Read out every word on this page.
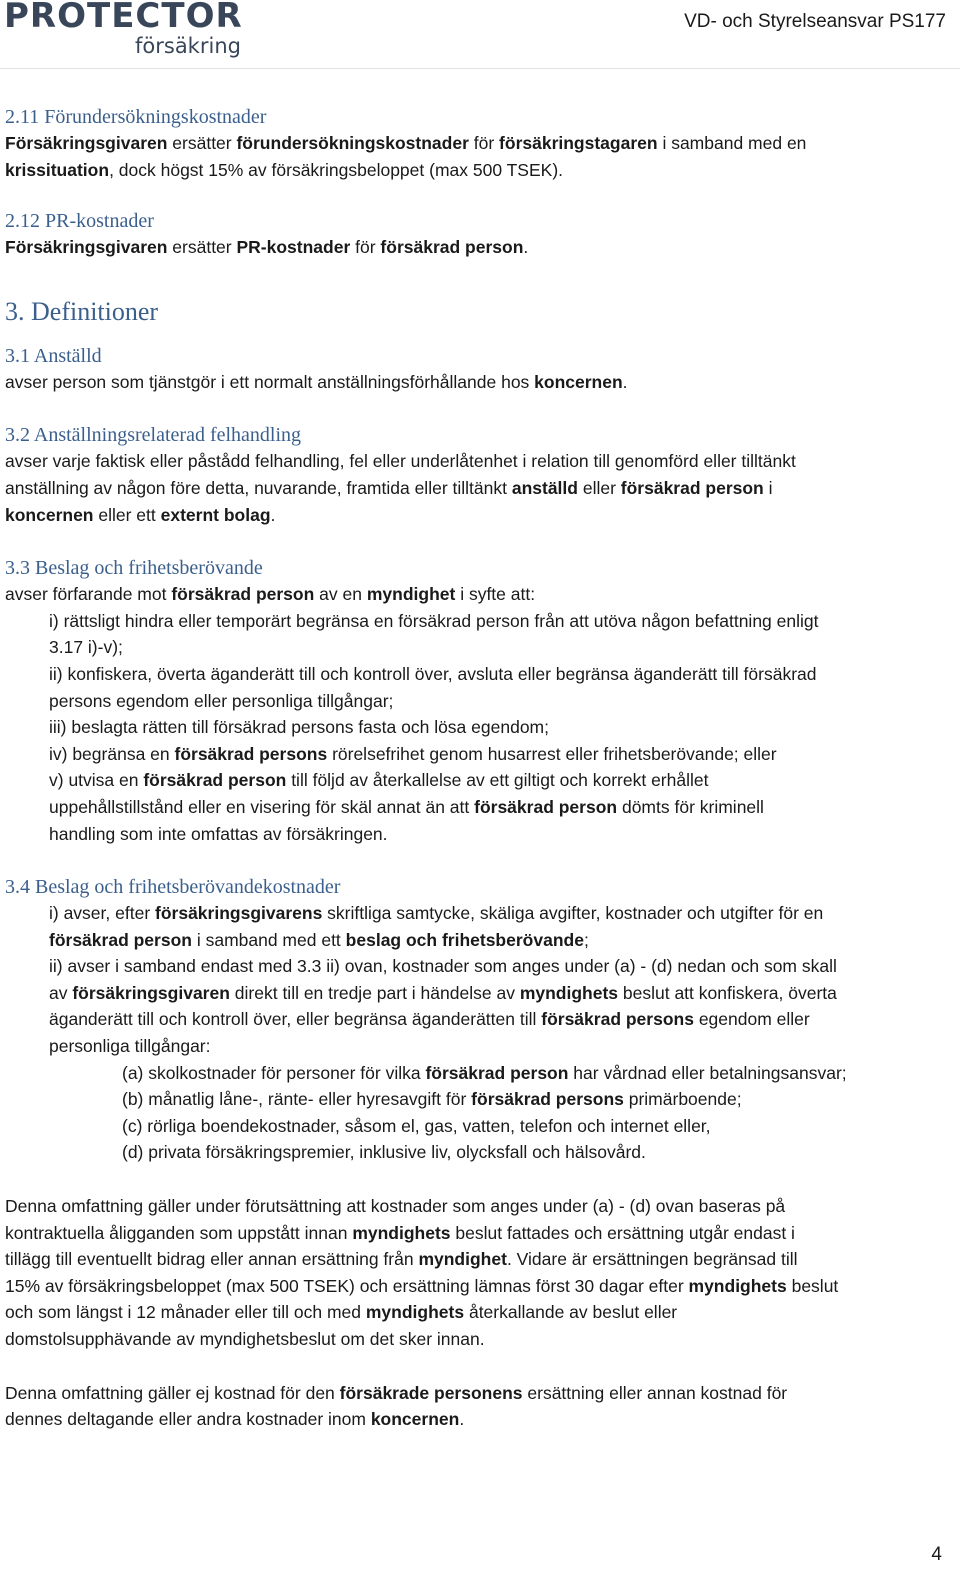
PROTECTOR
försäkring
VD- och Styrelseansvar PS177
2.11 Förundersökningskostnader
Försäkringsgivaren ersätter förundersökningskostnader för försäkringstagaren i samband med en
krissituation, dock högst 15% av försäkringsbeloppet (max 500 TSEK).
2.12 PR-kostnader
Försäkringsgivaren ersätter PR-kostnader för försäkrad person.
3. Definitioner
3.1 Anställd
avser person som tjänstgör i ett normalt anställningsförhållande hos koncernen.
3.2 Anställningsrelaterad felhandling
avser varje faktisk eller påstådd felhandling, fel eller underlåtenhet i relation till genomförd eller tilltänkt
anställning av någon före detta, nuvarande, framtida eller tilltänkt anställd eller försäkrad person i
koncernen eller ett externt bolag.
3.3 Beslag och frihetsberövande
avser förfarande mot försäkrad person av en myndighet i syfte att:
i) rättsligt hindra eller temporärt begränsa en försäkrad person från att utöva någon befattning enligt
3.17 i)-v);
ii) konfiskera, överta äganderätt till och kontroll över, avsluta eller begränsa äganderätt till försäkrad
persons egendom eller personliga tillgångar;
iii) beslagta rätten till försäkrad persons fasta och lösa egendom;
iv) begränsa en försäkrad persons rörelsefrihet genom husarrest eller frihetsberövande; eller
v) utvisa en försäkrad person till följd av återkallelse av ett giltigt och korrekt erhållet
uppehållstillstånd eller en visering för skäl annat än att försäkrad person dömts för kriminell
handling som inte omfattas av försäkringen.
3.4 Beslag och frihetsberövandekostnader
i) avser, efter försäkringsgivarens skriftliga samtycke, skäliga avgifter, kostnader och utgifter för en
försäkrad person i samband med ett beslag och frihetsberövande;
ii) avser i samband endast med 3.3 ii) ovan, kostnader som anges under (a) - (d) nedan och som skall
av försäkringsgivaren direkt till en tredje part i händelse av myndighets beslut att konfiskera, överta
äganderätt till och kontroll över, eller begränsa äganderätten till försäkrad persons egendom eller
personliga tillgångar:
(a) skolkostnader för personer för vilka försäkrad person har vårdnad eller betalningsansvar;
(b) månatlig låne-, ränte- eller hyresavgift för försäkrad persons primärboende;
(c) rörliga boendekostnader, såsom el, gas, vatten, telefon och internet eller,
(d) privata försäkringspremier, inklusive liv, olycksfall och hälsovård.
Denna omfattning gäller under förutsättning att kostnader som anges under (a) - (d) ovan baseras på
kontraktuella åligganden som uppstått innan myndighets beslut fattades och ersättning utgår endast i
tillägg till eventuellt bidrag eller annan ersättning från myndighet. Vidare är ersättningen begränsad till
15% av försäkringsbeloppet (max 500 TSEK) och ersättning lämnas först 30 dagar efter myndighets beslut
och som längst i 12 månader eller till och med myndighets återkallande av beslut eller
domstolsupphävande av myndighetsbeslut om det sker innan.
Denna omfattning gäller ej kostnad för den försäkrade personens ersättning eller annan kostnad för
dennes deltagande eller andra kostnader inom koncernen.
4
